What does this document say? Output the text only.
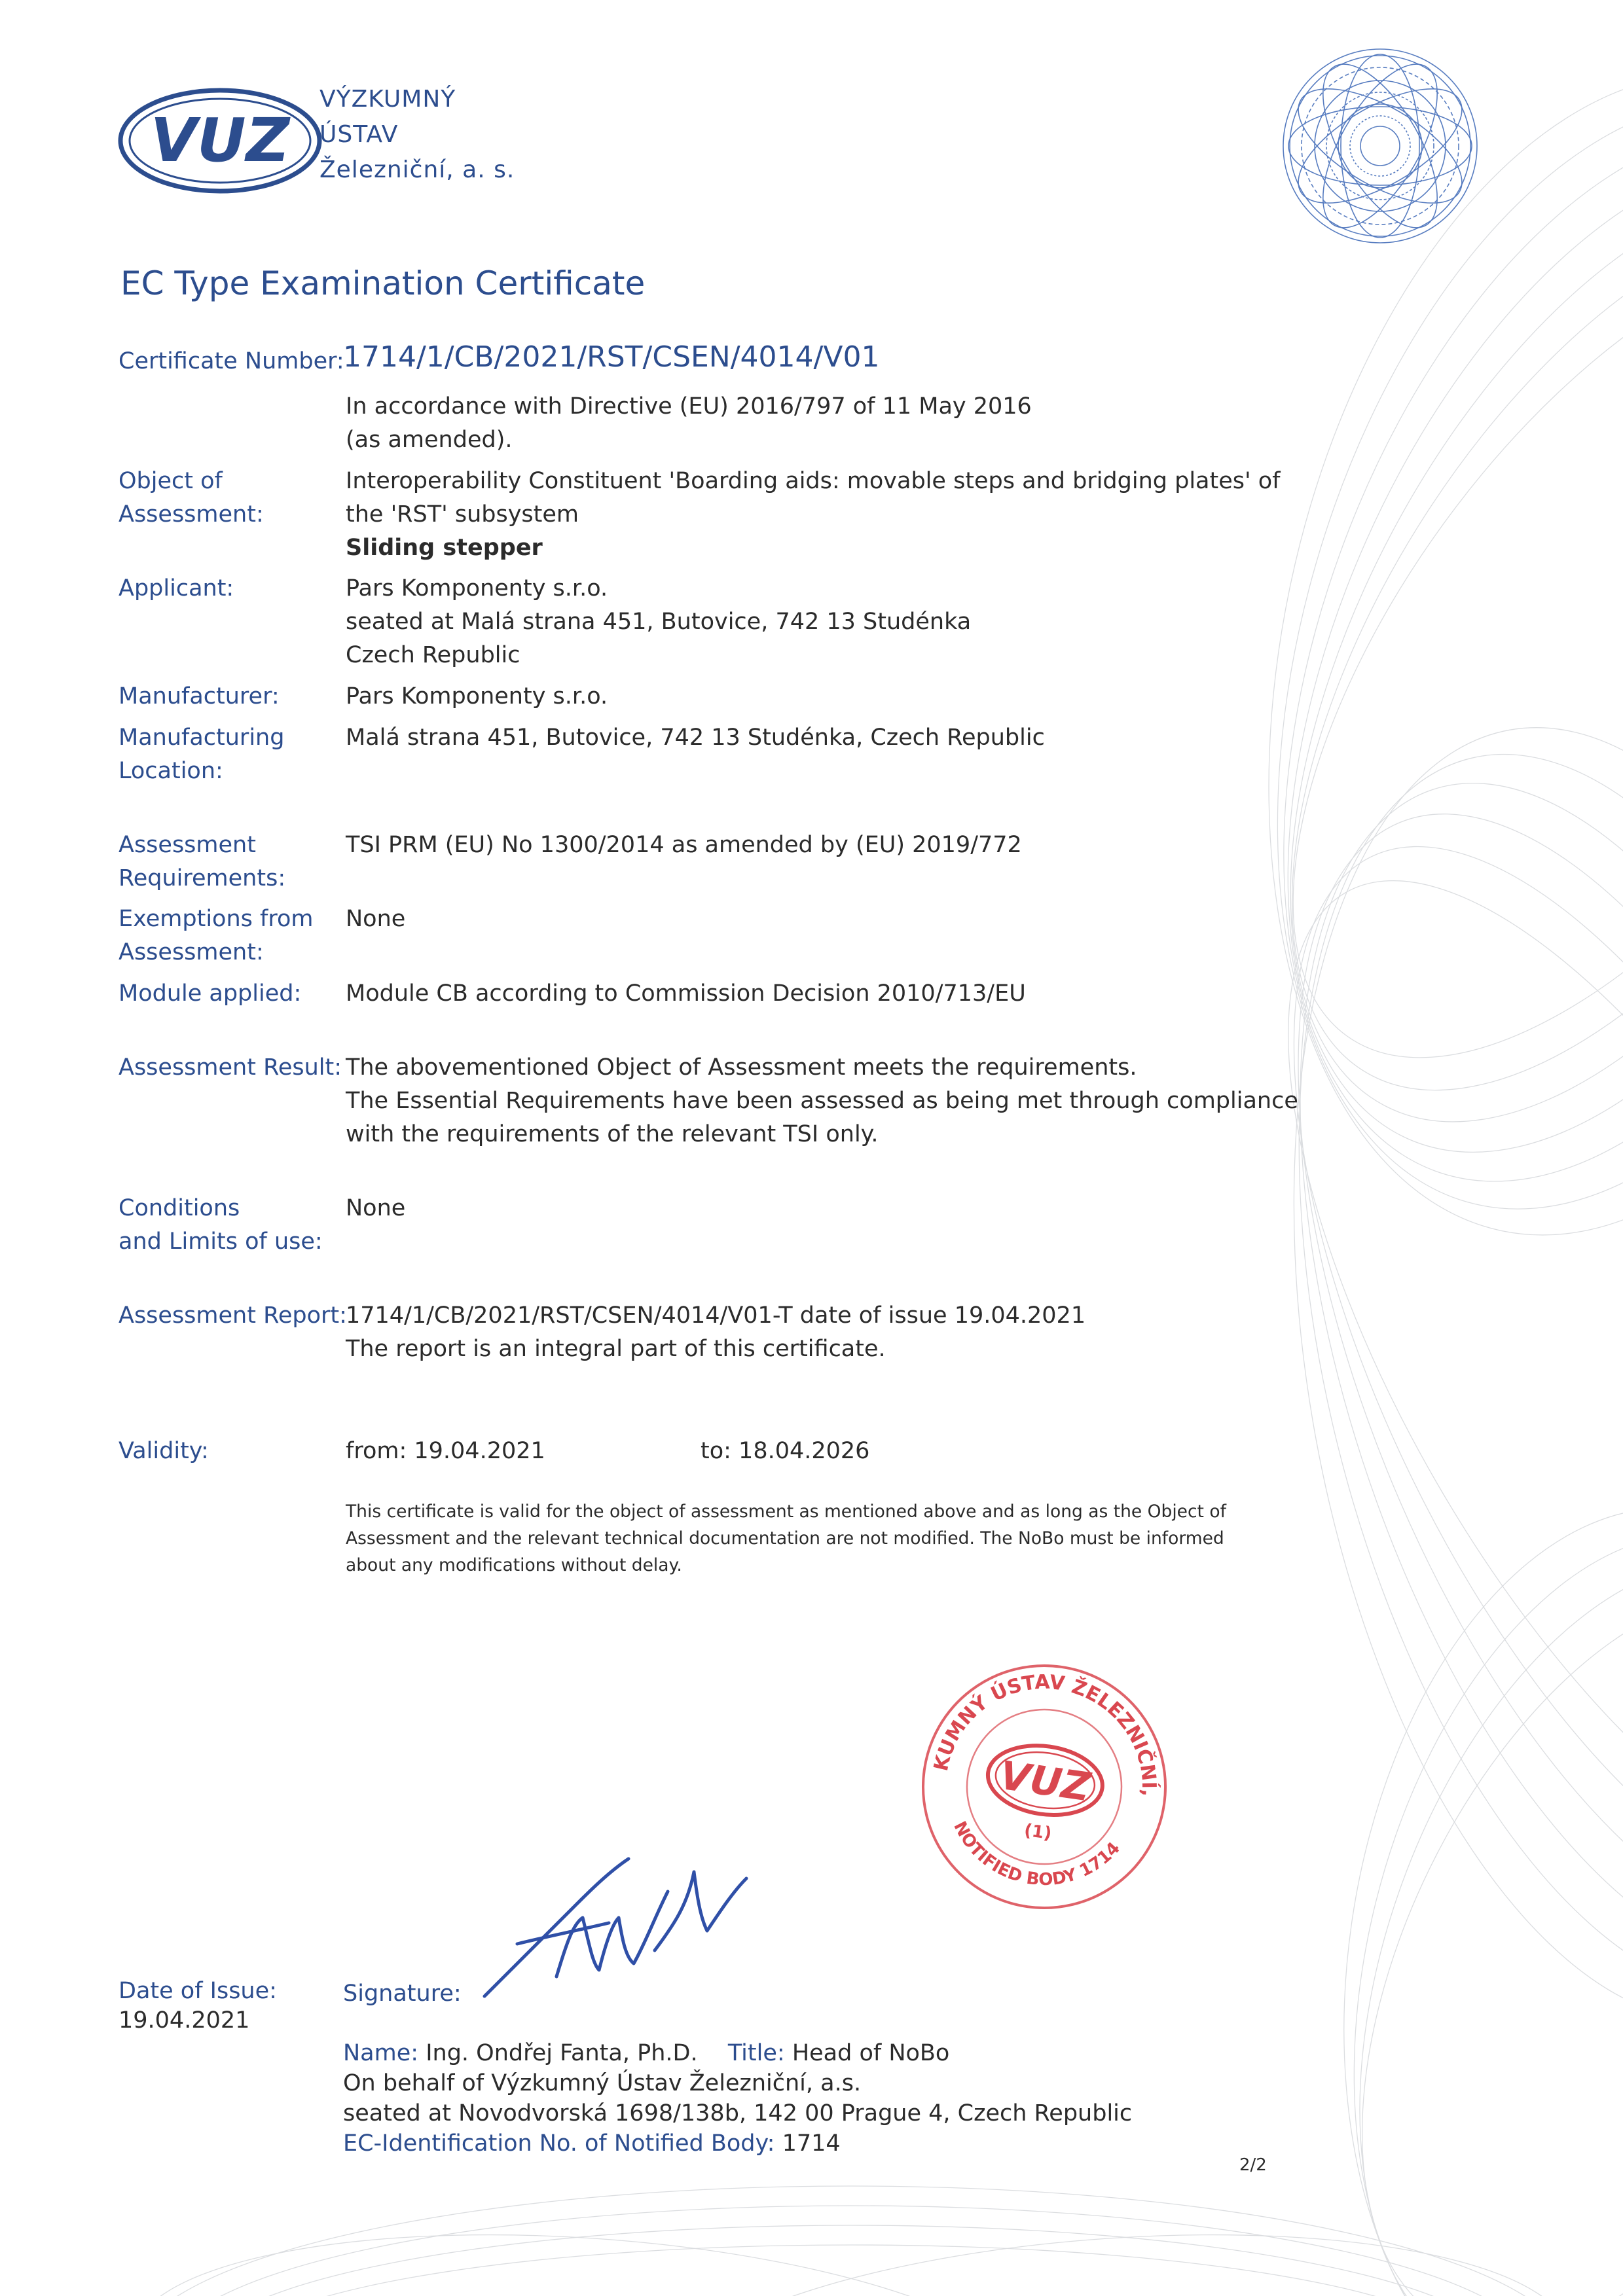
VUZ
VÝZKUMNÝ
ÚSTAV
Železniční, a. s.
EC Type Examination Certificate
Certificate Number:
1714/1/CB/2021/RST/CSEN/4014/V01
In accordance with Directive (EU) 2016/797 of 11 May 2016
(as amended).
Object of
Assessment:
Interoperability Constituent 'Boarding aids: movable steps and bridging plates' of
the 'RST' subsystem
Sliding stepper
Applicant:	Pars Komponenty s.r.o.
seated at Malá strana 451, Butovice, 742 13 Studénka
Czech Republic
Manufacturer:	Pars Komponenty s.r.o.
Manufacturing
Location:
Malá strana 451, Butovice, 742 13 Studénka, Czech Republic
Assessment
Requirements:
TSI PRM (EU) No 1300/2014 as amended by (EU) 2019/772
Exemptions from
Assessment:
None
Module applied: Module CB according to Commission Decision 2010/713/EU
Assessment Result: The abovementioned Object of Assessment meets the requirements.
The Essential Requirements have been assessed as being met through compliance
with the requirements of the relevant TSI only.
Conditions
and Limits of use:
None
Assessment Report:
1714/1/CB/2021/RST/CSEN/4014/V01-T date of issue 19.04.2021
The report is an integral part of this certificate.
Validity:	from: 19.04.2021	to: 18.04.2026
This certificate is valid for the object of assessment as mentioned above and as long as the Object of
Assessment and the relevant technical documentation are not modified. The NoBo must be informed
about any modifications without delay.
VÝZKUMNÝ ÚSTAV ŽELEZNIČNÍ,
NOTIFIED BODY 1714
VUZ
(1)
Date of Issue:
19.04.2021
Signature:
Name: Ing. Ondřej Fanta, Ph.D. Title: Head of NoBo
On behalf of Výzkumný Ústav Železniční, a.s.
seated at Novodvorská 1698/138b, 142 00 Prague 4, Czech Republic
EC-Identification No. of Notified Body: 1714
2/2
